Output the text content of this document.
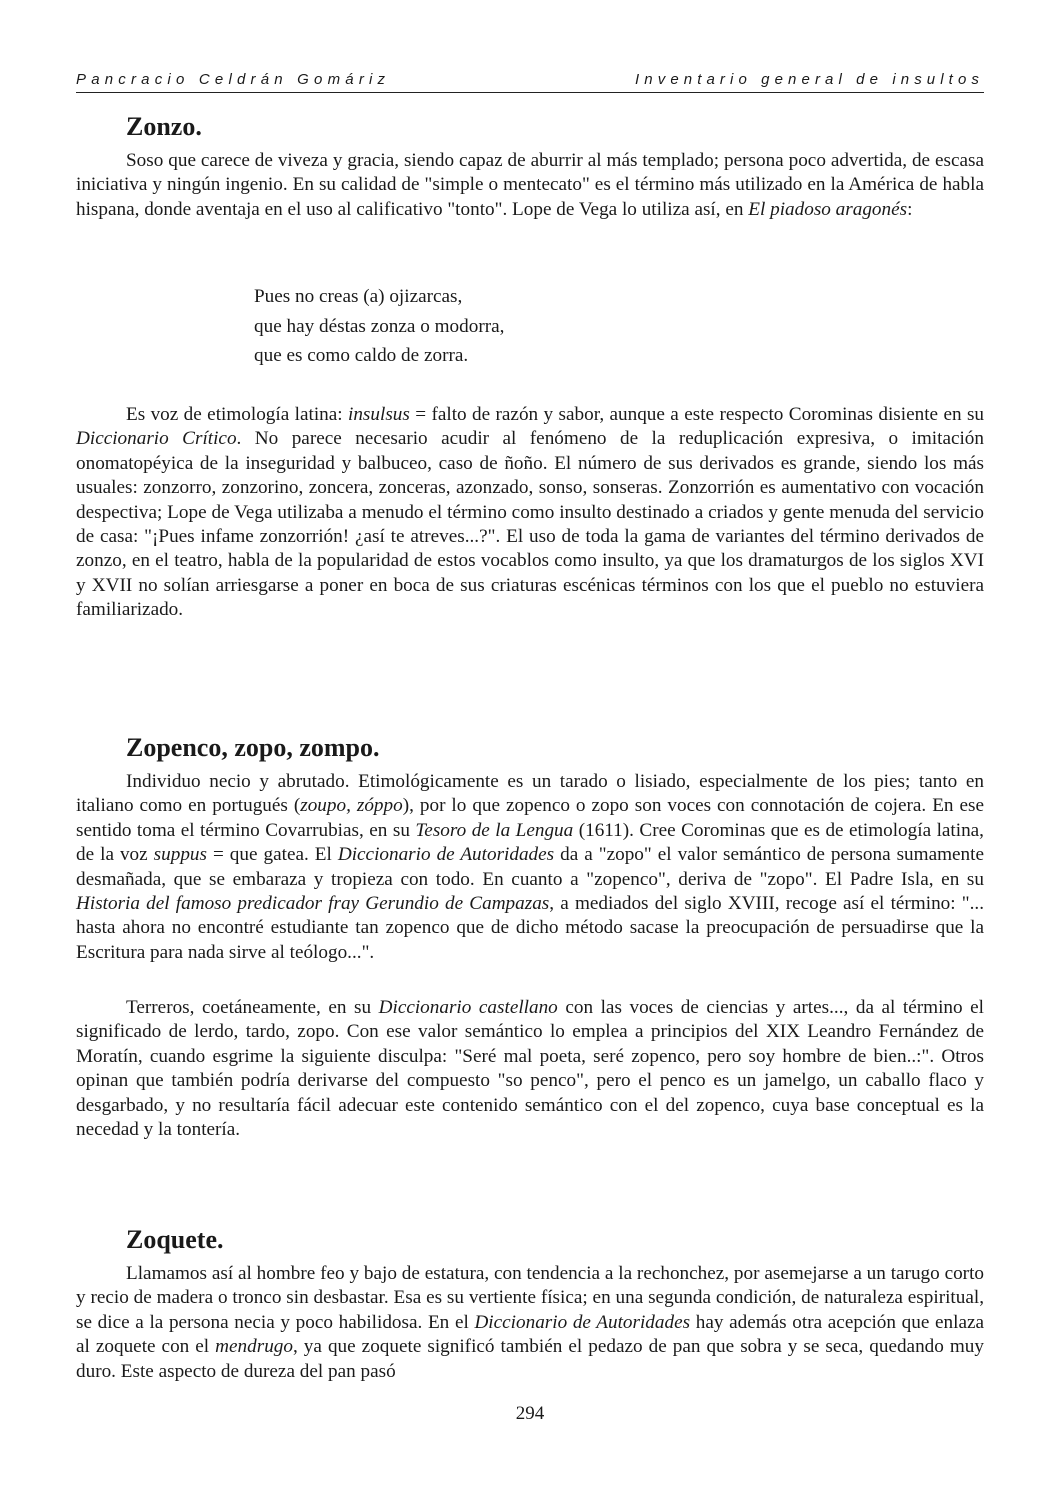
Pancracio Celdrán Gomáriz	Inventario general de insultos
Zonzo.

Soso que carece de viveza y gracia, siendo capaz de aburrir al más templado; persona poco advertida, de escasa iniciativa y ningún ingenio. En su calidad de "simple o mentecato" es el término más utilizado en la América de habla hispana, donde aventaja en el uso al calificativo "tonto". Lope de Vega lo utiliza así, en El piadoso aragonés:

Pues no creas (a) ojizarcas,
que hay déstas zonza o modorra,
que es como caldo de zorra.

Es voz de etimología latina: insulsus = falto de razón y sabor, aunque a este respecto Corominas disiente en su Diccionario Crítico. No parece necesario acudir al fenómeno de la reduplicación expresiva, o imitación onomatopéyica de la inseguridad y balbuceo, caso de ñoño. El número de sus derivados es grande, siendo los más usuales: zonzorro, zonzorino, zoncera, zonceras, azonzado, sonso, sonseras. Zonzorrión es aumentativo con vocación despectiva; Lope de Vega utilizaba a menudo el término como insulto destinado a criados y gente menuda del servicio de casa: "¡Pues infame zonzorrión! ¿así te atreves...?". El uso de toda la gama de variantes del término derivados de zonzo, en el teatro, habla de la popularidad de estos vocablos como insulto, ya que los dramaturgos de los siglos XVI y XVII no solían arriesgarse a poner en boca de sus criaturas escénicas términos con los que el pueblo no estuviera familiarizado.

Zopenco, zopo, zompo.

Individuo necio y abrutado. Etimológicamente es un tarado o lisiado, especialmente de los pies; tanto en italiano como en portugués (zoupo, zóppo), por lo que zopenco o zopo son voces con connotación de cojera. En ese sentido toma el término Covarrubias, en su Tesoro de la Lengua (1611). Cree Corominas que es de etimología latina, de la voz suppus = que gatea. El Diccionario de Autoridades da a "zopo" el valor semántico de persona sumamente desmañada, que se embaraza y tropieza con todo. En cuanto a "zopenco", deriva de "zopo". El Padre Isla, en su Historia del famoso predicador fray Gerundio de Campazas, a mediados del siglo XVIII, recoge así el término: "... hasta ahora no encontré estudiante tan zopenco que de dicho método sacase la preocupación de persuadirse que la Escritura para nada sirve al teólogo...".

Terreros, coetáneamente, en su Diccionario castellano con las voces de ciencias y artes..., da al término el significado de lerdo, tardo, zopo. Con ese valor semántico lo emplea a principios del XIX Leandro Fernández de Moratín, cuando esgrime la siguiente disculpa: "Seré mal poeta, seré zopenco, pero soy hombre de bien..:". Otros opinan que también podría derivarse del compuesto "so penco", pero el penco es un jamelgo, un caballo flaco y desgarbado, y no resultaría fácil adecuar este contenido semántico con el del zopenco, cuya base conceptual es la necedad y la tontería.

Zoquete.

Llamamos así al hombre feo y bajo de estatura, con tendencia a la rechonchez, por asemejarse a un tarugo corto y recio de madera o tronco sin desbastar. Esa es su vertiente física; en una segunda condición, de naturaleza espiritual, se dice a la persona necia y poco habilidosa. En el Diccionario de Autoridades hay además otra acepción que enlaza al zoquete con el mendrugo, ya que zoquete significó también el pedazo de pan que sobra y se seca, quedando muy duro. Este aspecto de dureza del pan pasó

294
